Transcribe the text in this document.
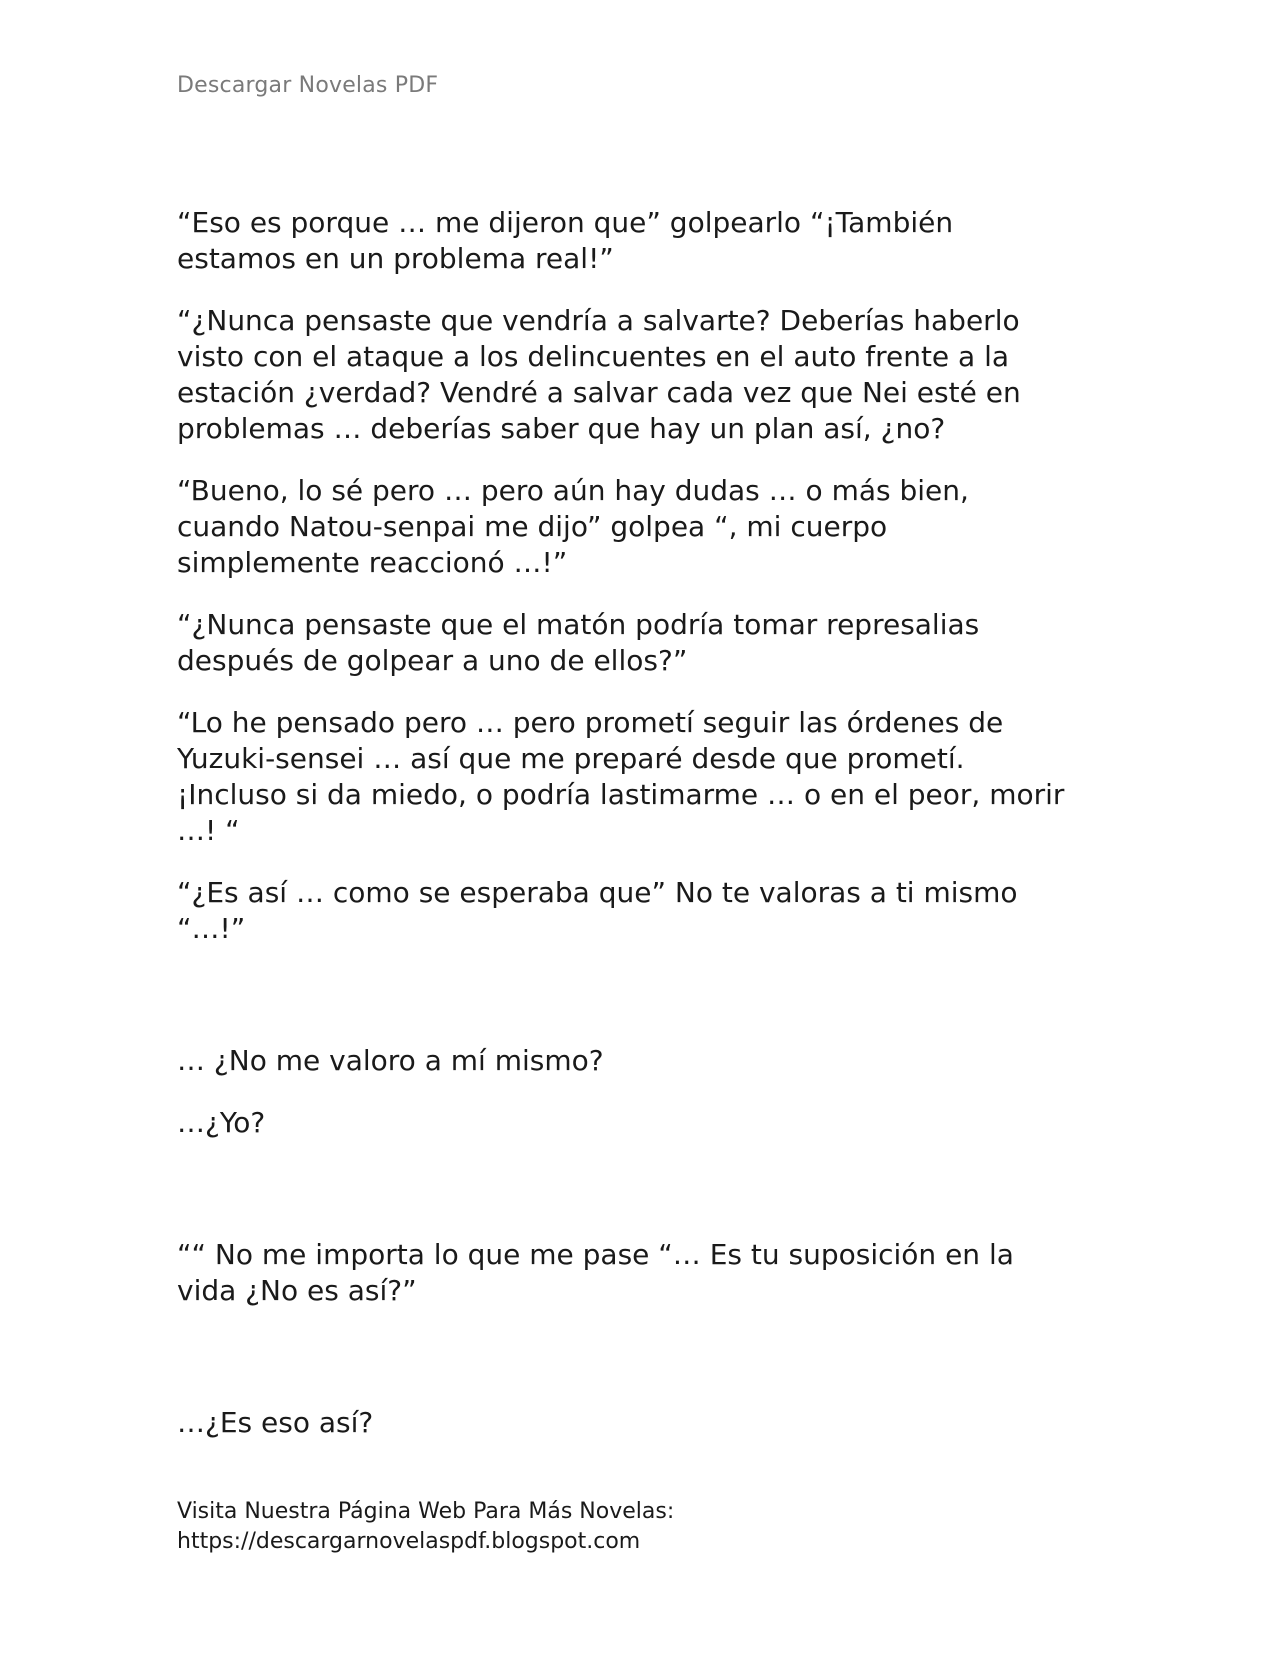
Descargar Novelas PDF

“Eso es porque … me dijeron que” golpearlo “¡También estamos en un problema real!”

“¿Nunca pensaste que vendría a salvarte? Deberías haberlo visto con el ataque a los delincuentes en el auto frente a la estación ¿verdad? Vendré a salvar cada vez que Nei esté en problemas … deberías saber que hay un plan así, ¿no?

“Bueno, lo sé pero … pero aún hay dudas … o más bien, cuando Natou-senpai me dijo” golpea “, mi cuerpo simplemente reaccionó …!”

“¿Nunca pensaste que el matón podría tomar represalias después de golpear a uno de ellos?”

“Lo he pensado pero … pero prometí seguir las órdenes de Yuzuki-sensei … así que me preparé desde que prometí. ¡Incluso si da miedo, o podría lastimarme … o en el peor, morir …! “

“¿Es así … como se esperaba que” No te valoras a ti mismo “…!”

… ¿No me valoro a mí mismo?

…¿Yo?

““ No me importa lo que me pase “… Es tu suposición en la vida ¿No es así?”

…¿Es eso así?

Visita Nuestra Página Web Para Más Novelas:
https://descargarnovelaspdf.blogspot.com
